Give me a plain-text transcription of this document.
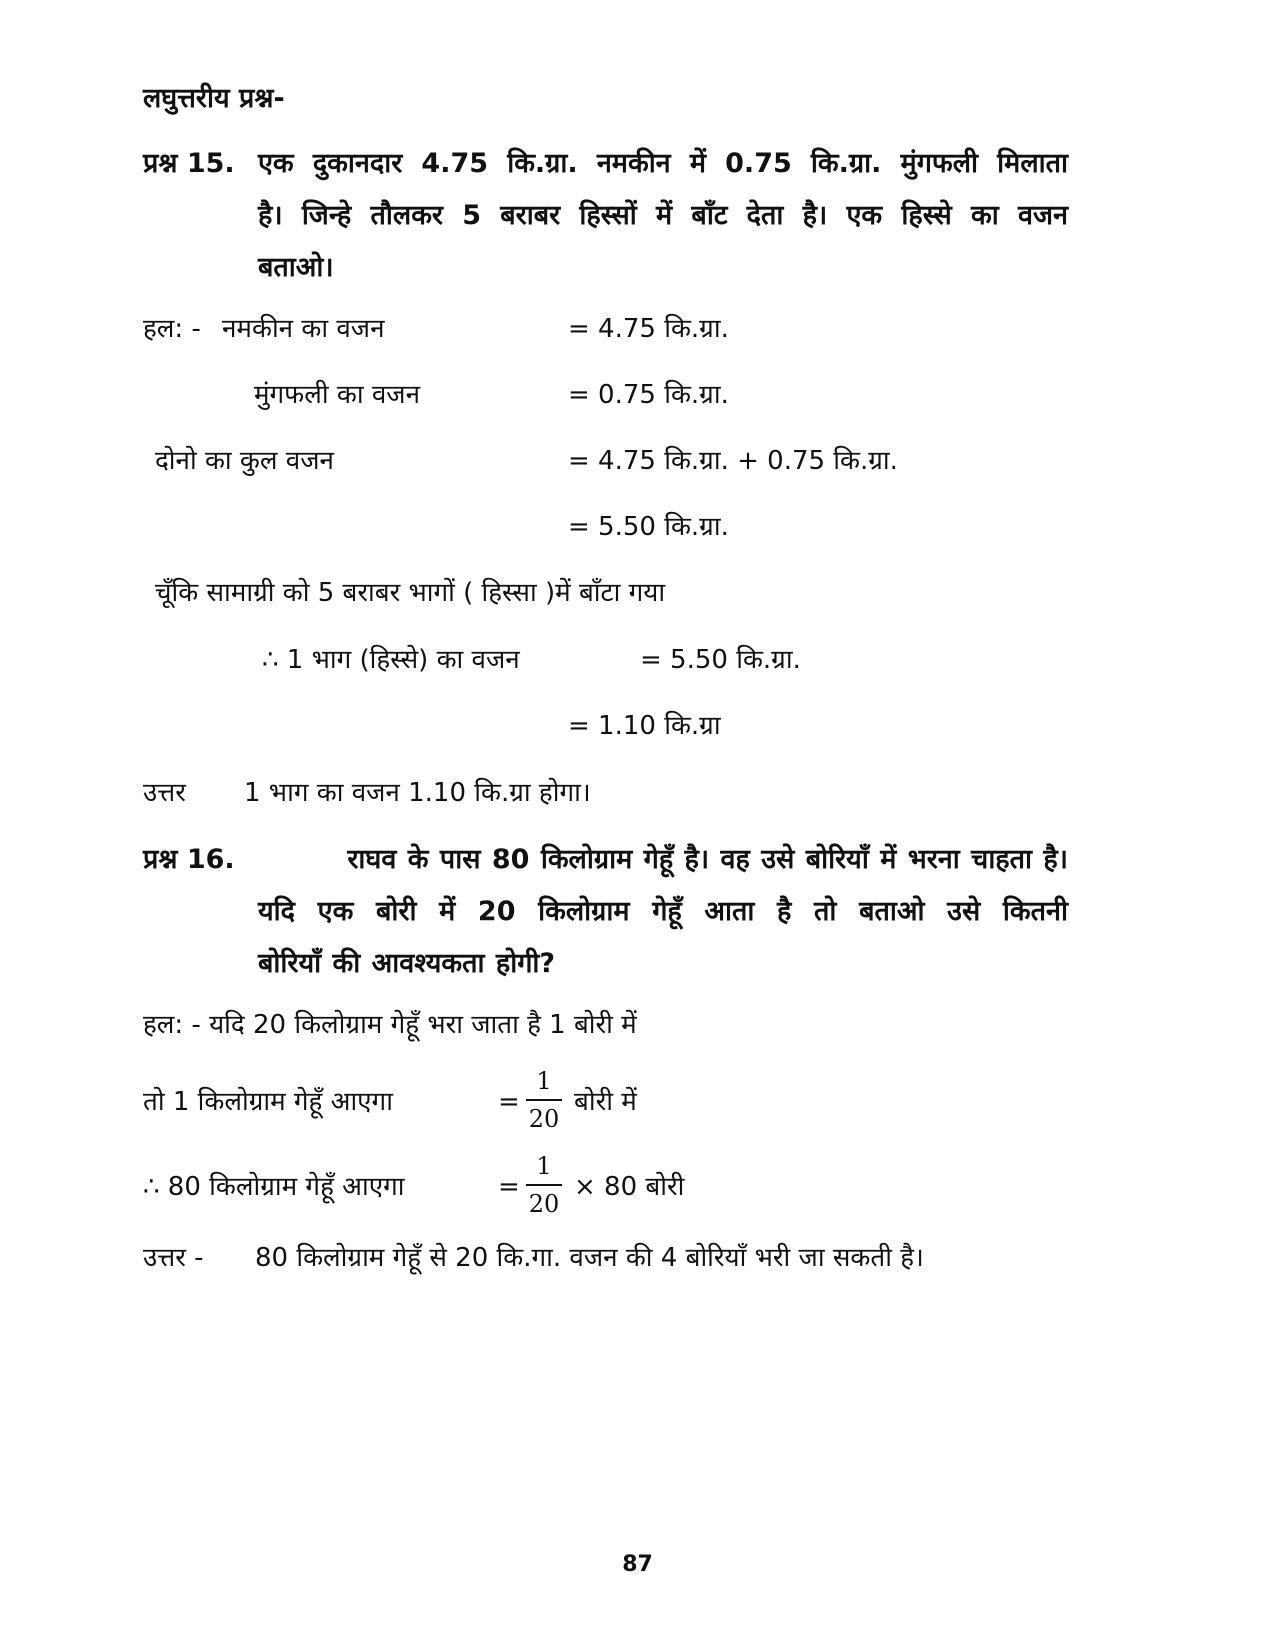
लघुत्तरीय प्रश्न-
प्रश्न 15. एक दुकानदार 4.75 कि.ग्रा. नमकीन में 0.75 कि.ग्रा. मुंगफली मिलाता
है। जिन्हे तौलकर 5 बराबर हिस्सों में बाँट देता है। एक हिस्से का वजन
बताओ।
हल: - नमकीन का वजन	= 4.75 कि.ग्रा.
मुंगफली का वजन	= 0.75 कि.ग्रा.
दोनो का कुल वजन	= 4.75 कि.ग्रा. + 0.75 कि.ग्रा.
= 5.50 कि.ग्रा.
चूँकि सामाग्री को 5 बराबर भागों ( हिस्सा )में बाँटा गया
∴ 1 भाग (हिस्से) का वजन	= 5.50 कि.ग्रा.
= 1.10 कि.ग्रा
उत्तर 1 भाग का वजन 1.10 कि.ग्रा होगा।
प्रश्न 16.	राघव के पास 80 किलोग्राम गेहूँ है। वह उसे बोरियाँ में भरना चाहता है।
यदि एक बोरी में 20 किलोग्राम गेहूँ आता है तो बताओ उसे कितनी
बोरियाँ की आवश्यकता होगी?
हल: - यदि 20 किलोग्राम गेहूँ भरा जाता है 1 बोरी में
तो 1 किलोग्राम गेहूँ आएगा	=
1
20
बोरी में
∴ 80 किलोग्राम गेहूँ आएगा	=
1
20
× 80 बोरी
उत्तर - 80 किलोग्राम गेहूँ से 20 कि.गा. वजन की 4 बोरियाँ भरी जा सकती है।
87
